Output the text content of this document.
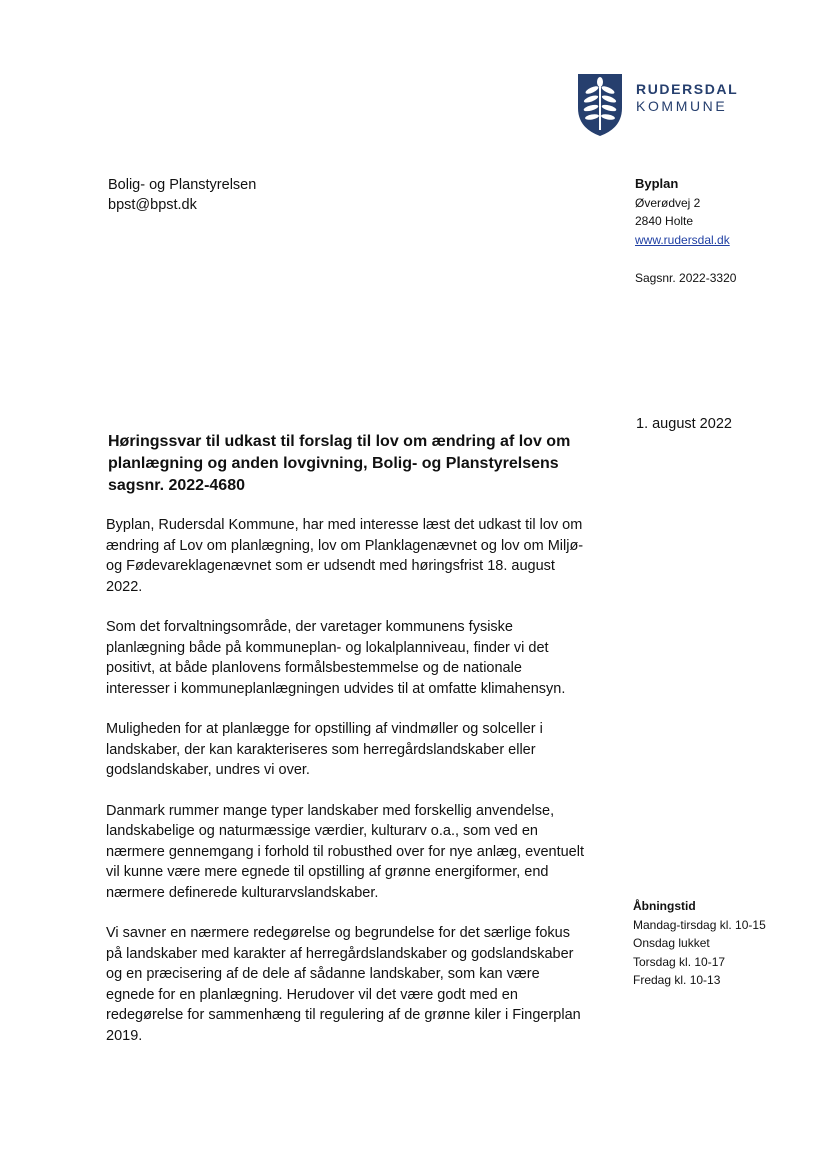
RUDERSDAL
KOMMUNE
Bolig- og Planstyrelsen
bpst@bpst.dk
Byplan
Øverødvej 2
2840 Holte
www.rudersdal.dk
Sagsnr. 2022-3320
1. august 2022
Høringssvar til udkast til forslag til lov om ændring af lov om planlægning og anden lovgivning, Bolig- og Planstyrelsens sagsnr. 2022-4680

Byplan, Rudersdal Kommune, har med interesse læst det udkast til lov om ændring af Lov om planlægning, lov om Planklagenævnet og lov om Miljø- og Fødevareklagenævnet som er udsendt med høringsfrist 18. august 2022.

Som det forvaltningsområde, der varetager kommunens fysiske planlægning både på kommuneplan- og lokalplanniveau, finder vi det positivt, at både planlovens formålsbestemmelse og de nationale interesser i kommuneplanlægningen udvides til at omfatte klimahensyn.

Muligheden for at planlægge for opstilling af vindmøller og solceller i landskaber, der kan karakteriseres som herregårdslandskaber eller godslandskaber, undres vi over.

Danmark rummer mange typer landskaber med forskellig anvendelse, landskabelige og naturmæssige værdier, kulturarv o.a., som ved en nærmere gennemgang i forhold til robusthed over for nye anlæg, eventuelt vil kunne være mere egnede til opstilling af grønne energiformer, end nærmere definerede kulturarvslandskaber.

Vi savner en nærmere redegørelse og begrundelse for det særlige fokus på landskaber med karakter af herregårdslandskaber og godslandskaber og en præcisering af de dele af sådanne landskaber, som kan være egnede for en planlægning. Herudover vil det være godt med en redegørelse for sammenhæng til regulering af de grønne kiler i Fingerplan 2019.

Åbningstid
Mandag-tirsdag kl. 10-15
Onsdag lukket
Torsdag kl. 10-17
Fredag kl. 10-13
